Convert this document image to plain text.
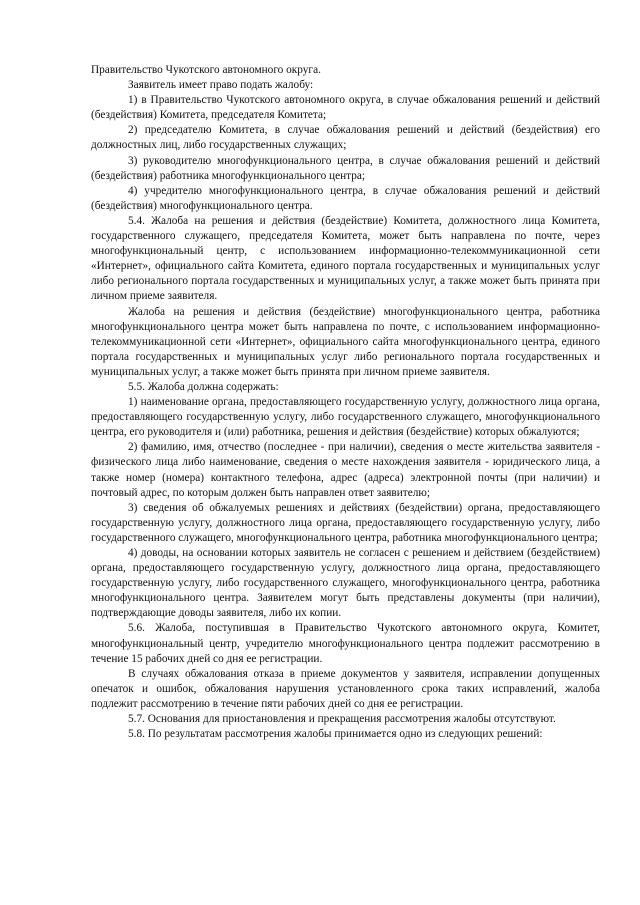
Правительство Чукотского автономного округа.

Заявитель имеет право подать жалобу:

1) в Правительство Чукотского автономного округа, в случае обжалования решений и действий (бездействия) Комитета, председателя Комитета;

2) председателю Комитета, в случае обжалования решений и действий (бездействия) его должностных лиц, либо государственных служащих;

3) руководителю многофункционального центра, в случае обжалования решений и действий (бездействия) работника многофункционального центра;

4) учредителю многофункционального центра, в случае обжалования решений и действий (бездействия) многофункционального центра.

5.4. Жалоба на решения и действия (бездействие) Комитета, должностного лица Комитета, государственного служащего, председателя Комитета, может быть направлена по почте, через многофункциональный центр, с использованием информационно-телекоммуникационной сети «Интернет», официального сайта Комитета, единого портала государственных и муниципальных услуг либо регионального портала государственных и муниципальных услуг, а также может быть принята при личном приеме заявителя.

Жалоба на решения и действия (бездействие) многофункционального центра, работника многофункционального центра может быть направлена по почте, с использованием информационно-телекоммуникационной сети «Интернет», официального сайта многофункционального центра, единого портала государственных и муниципальных услуг либо регионального портала государственных и муниципальных услуг, а также может быть принята при личном приеме заявителя.

5.5. Жалоба должна содержать:

1) наименование органа, предоставляющего государственную услугу, должностного лица органа, предоставляющего государственную услугу, либо государственного служащего, многофункционального центра, его руководителя и (или) работника, решения и действия (бездействие) которых обжалуются;

2) фамилию, имя, отчество (последнее - при наличии), сведения о месте жительства заявителя - физического лица либо наименование, сведения о месте нахождения заявителя - юридического лица, а также номер (номера) контактного телефона, адрес (адреса) электронной почты (при наличии) и почтовый адрес, по которым должен быть направлен ответ заявителю;

3) сведения об обжалуемых решениях и действиях (бездействии) органа, предоставляющего государственную услугу, должностного лица органа, предоставляющего государственную услугу, либо государственного служащего, многофункционального центра, работника многофункционального центра;

4) доводы, на основании которых заявитель не согласен с решением и действием (бездействием) органа, предоставляющего государственную услугу, должностного лица органа, предоставляющего государственную услугу, либо государственного служащего, многофункционального центра, работника многофункционального центра. Заявителем могут быть представлены документы (при наличии), подтверждающие доводы заявителя, либо их копии.

5.6. Жалоба, поступившая в Правительство Чукотского автономного округа, Комитет, многофункциональный центр, учредителю многофункционального центра подлежит рассмотрению в течение 15 рабочих дней со дня ее регистрации.

В случаях обжалования отказа в приеме документов у заявителя, исправлении допущенных опечаток и ошибок, обжалования нарушения установленного срока таких исправлений, жалоба подлежит рассмотрению в течение пяти рабочих дней со дня ее регистрации.

5.7. Основания для приостановления и прекращения рассмотрения жалобы отсутствуют.

5.8. По результатам рассмотрения жалобы принимается одно из следующих решений:
